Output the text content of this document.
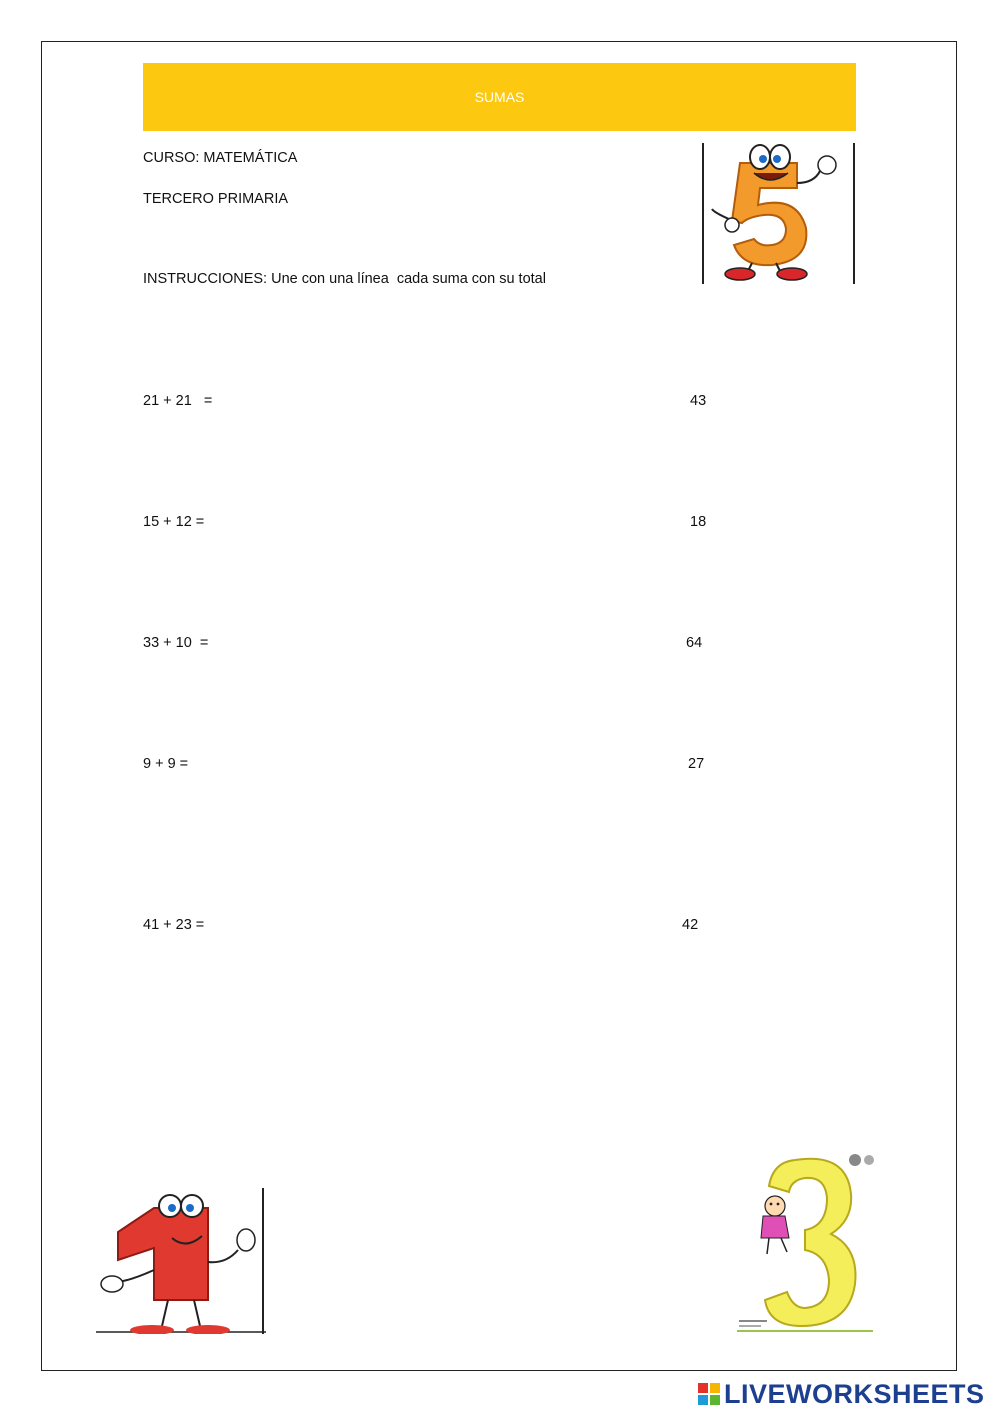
SUMAS
CURSO: MATEMÁTICA
TERCERO PRIMARIA
INSTRUCCIONES: Une con una línea  cada suma con su total
21 + 21   =	43
15 + 12 =	18
33 + 10  =	64
9 + 9 =	27
41 + 23 =	42
LIVEWORKSHEETS
